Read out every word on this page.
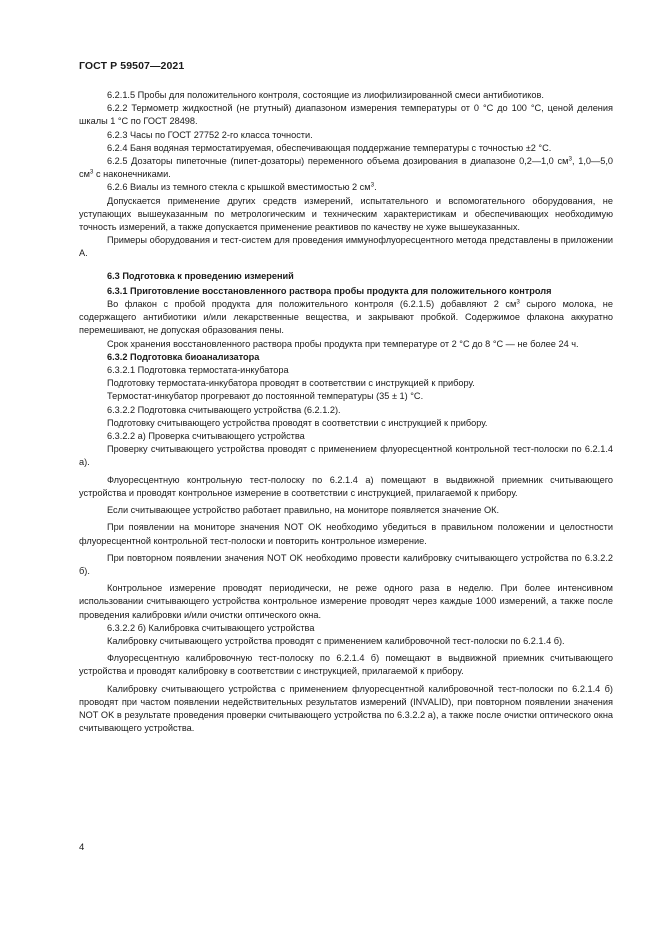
ГОСТ Р 59507—2021

6.2.1.5 Пробы для положительного контроля, состоящие из лиофилизированной смеси антибиотиков.

6.2.2 Термометр жидкостной (не ртутный) диапазоном измерения температуры от 0 °С до 100 °С, ценой деления шкалы 1 °С по ГОСТ 28498.

6.2.3 Часы по ГОСТ 27752 2-го класса точности.

6.2.4 Баня водяная термостатируемая, обеспечивающая поддержание температуры с точностью ±2 °С.

6.2.5 Дозаторы пипеточные (пипет-дозаторы) переменного объема дозирования в диапазоне 0,2—1,0 $см^3$, 1,0—5,0 $см^3$ с наконечниками.

6.2.6 Виалы из темного стекла с крышкой вместимостью 2 $см^3$.

Допускается применение других средств измерений, испытательного и вспомогательного оборудования, не уступающих вышеуказанным по метрологическим и техническим характеристикам и обеспечивающих необходимую точность измерений, а также допускается применение реактивов по качеству не хуже вышеуказанных.

Примеры оборудования и тест-систем для проведения иммунофлуоресцентного метода представлены в приложении А.

6.3 Подготовка к проведению измерений

6.3.1 Приготовление восстановленного раствора пробы продукта для положительного контроля

Во флакон с пробой продукта для положительного контроля (6.2.1.5) добавляют 2 $см^3$ сырого молока, не содержащего антибиотики и/или лекарственные вещества, и закрывают пробкой. Содержимое флакона аккуратно перемешивают, не допуская образования пены.

Срок хранения восстановленного раствора пробы продукта при температуре от 2 °С до 8 °С — не более 24 ч.

6.3.2 Подготовка биоанализатора

6.3.2.1 Подготовка термостата-инкубатора

Подготовку термостата-инкубатора проводят в соответствии с инструкцией к прибору.

Термостат-инкубатор прогревают до постоянной температуры (35 ± 1) °С.

6.3.2.2 Подготовка считывающего устройства (6.2.1.2).

Подготовку считывающего устройства проводят в соответствии с инструкцией к прибору.

6.3.2.2 а) Проверка считывающего устройства

Проверку считывающего устройства проводят с применением флуоресцентной контрольной тест-полоски по 6.2.1.4 а).

Флуоресцентную контрольную тест-полоску по 6.2.1.4 а) помещают в выдвижной приемник считывающего устройства и проводят контрольное измерение в соответствии с инструкцией, прилагаемой к прибору.

Если считывающее устройство работает правильно, на мониторе появляется значение ОК.

При появлении на мониторе значения NOT OK необходимо убедиться в правильном положении и целостности флуоресцентной контрольной тест-полоски и повторить контрольное измерение.

При повторном появлении значения NOT OK необходимо провести калибровку считывающего устройства по 6.3.2.2 б).

Контрольное измерение проводят периодически, не реже одного раза в неделю. При более интенсивном использовании считывающего устройства контрольное измерение проводят через каждые 1000 измерений, а также после проведения калибровки и/или очистки оптического окна.

6.3.2.2 б) Калибровка считывающего устройства

Калибровку считывающего устройства проводят с применением калибровочной тест-полоски по 6.2.1.4 б).

Флуоресцентную калибровочную тест-полоску по 6.2.1.4 б) помещают в выдвижной приемник считывающего устройства и проводят калибровку в соответствии с инструкцией, прилагаемой к прибору.

Калибровку считывающего устройства с применением флуоресцентной калибровочной тест-полоски по 6.2.1.4 б) проводят при частом появлении недействительных результатов измерений (INVALID), при повторном появлении значения NOT OK в результате проведения проверки считывающего устройства по 6.3.2.2 а), а также после очистки оптического окна считывающего устройства.

4
